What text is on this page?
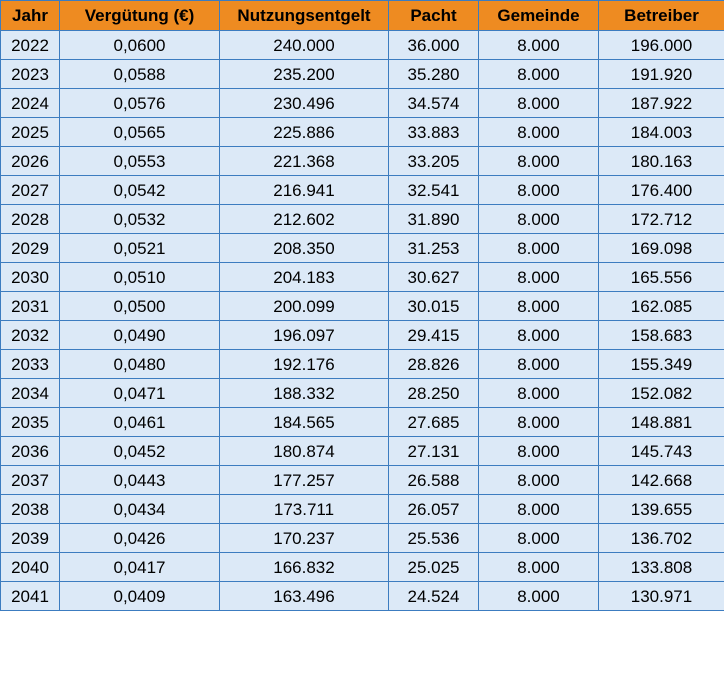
Jahr	Vergütung (€)	Nutzungsentgelt	Pacht	Gemeinde	Betreiber
2022	0,0600	240.000	36.000	8.000	196.000
2023	0,0588	235.200	35.280	8.000	191.920
2024	0,0576	230.496	34.574	8.000	187.922
2025	0,0565	225.886	33.883	8.000	184.003
2026	0,0553	221.368	33.205	8.000	180.163
2027	0,0542	216.941	32.541	8.000	176.400
2028	0,0532	212.602	31.890	8.000	172.712
2029	0,0521	208.350	31.253	8.000	169.098
2030	0,0510	204.183	30.627	8.000	165.556
2031	0,0500	200.099	30.015	8.000	162.085
2032	0,0490	196.097	29.415	8.000	158.683
2033	0,0480	192.176	28.826	8.000	155.349
2034	0,0471	188.332	28.250	8.000	152.082
2035	0,0461	184.565	27.685	8.000	148.881
2036	0,0452	180.874	27.131	8.000	145.743
2037	0,0443	177.257	26.588	8.000	142.668
2038	0,0434	173.711	26.057	8.000	139.655
2039	0,0426	170.237	25.536	8.000	136.702
2040	0,0417	166.832	25.025	8.000	133.808
2041	0,0409	163.496	24.524	8.000	130.971
